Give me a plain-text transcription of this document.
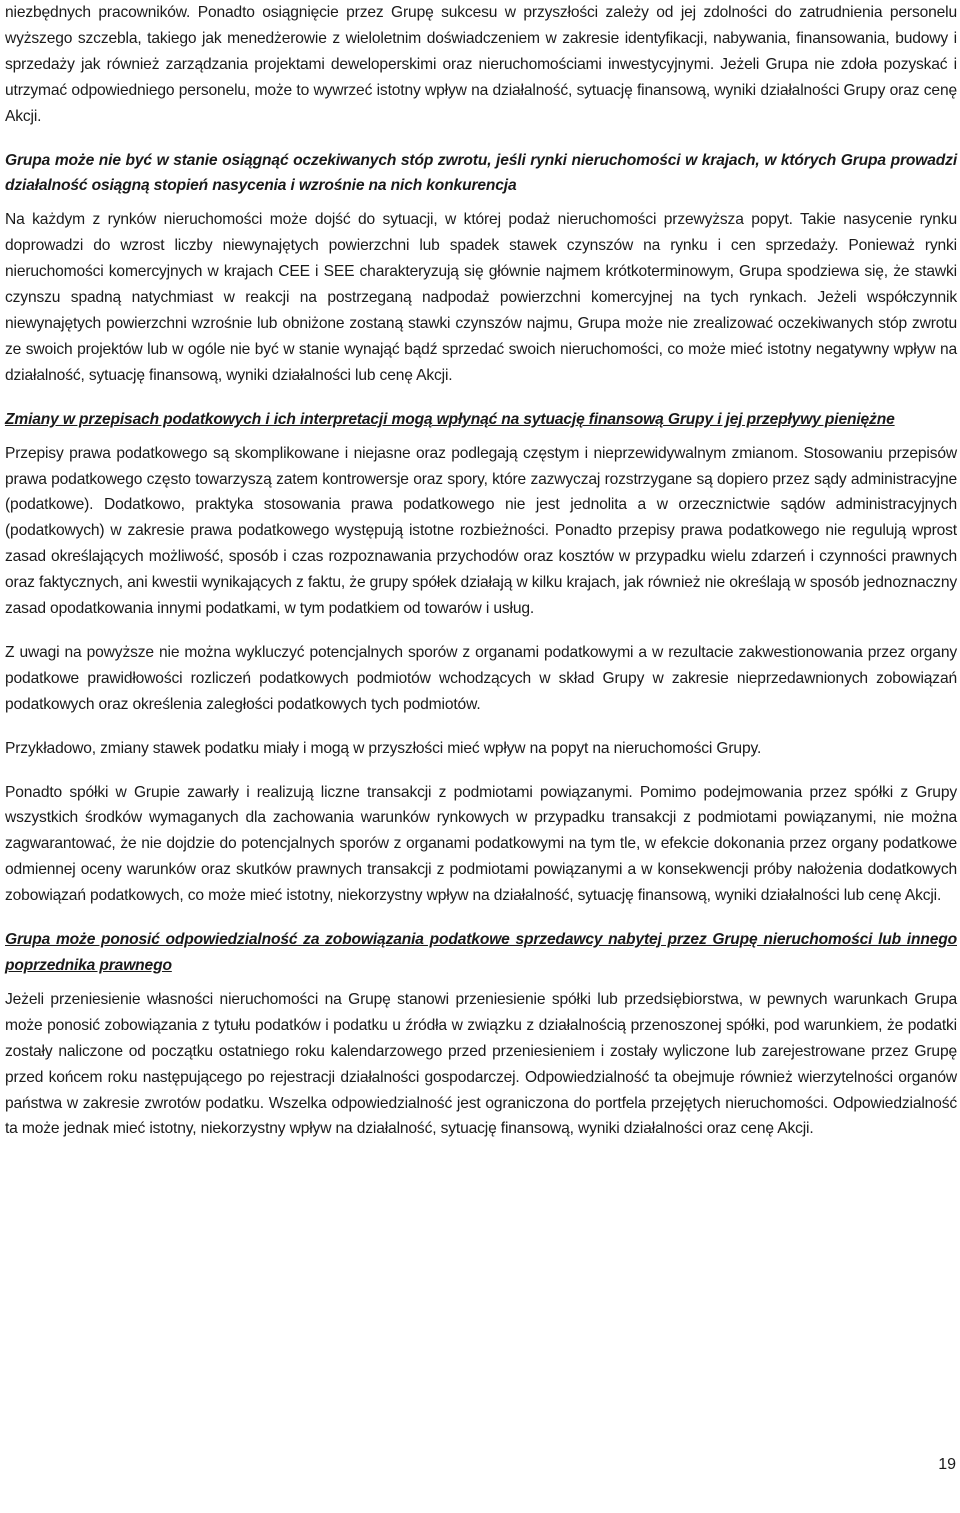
niezbędnych pracowników. Ponadto osiągnięcie przez Grupę sukcesu w przyszłości zależy od jej zdolności do zatrudnienia personelu wyższego szczebla, takiego jak menedżerowie z wieloletnim doświadczeniem w zakresie identyfikacji, nabywania, finansowania, budowy i sprzedaży jak również zarządzania projektami deweloperskimi oraz nieruchomościami inwestycyjnymi. Jeżeli Grupa nie zdoła pozyskać i utrzymać odpowiedniego personelu, może to wywrzeć istotny wpływ na działalność, sytuację finansową, wyniki działalności Grupy oraz cenę Akcji.

Grupa może nie być w stanie osiągnąć oczekiwanych stóp zwrotu, jeśli rynki nieruchomości w krajach, w których Grupa prowadzi działalność osiągną stopień nasycenia i wzrośnie na nich konkurencja

Na każdym z rynków nieruchomości może dojść do sytuacji, w której podaż nieruchomości przewyższa popyt. Takie nasycenie rynku doprowadzi do wzrost liczby niewynajętych powierzchni lub spadek stawek czynszów na rynku i cen sprzedaży. Ponieważ rynki nieruchomości komercyjnych w krajach CEE i SEE charakteryzują się głównie najmem krótkoterminowym, Grupa spodziewa się, że stawki czynszu spadną natychmiast w reakcji na postrzeganą nadpodaż powierzchni komercyjnej na tych rynkach. Jeżeli współczynnik niewynajętych powierzchni wzrośnie lub obniżone zostaną stawki czynszów najmu, Grupa może nie zrealizować oczekiwanych stóp zwrotu ze swoich projektów lub w ogóle nie być w stanie wynająć bądź sprzedać swoich nieruchomości, co może mieć istotny negatywny wpływ na działalność, sytuację finansową, wyniki działalności lub cenę Akcji.

Zmiany w przepisach podatkowych i ich interpretacji mogą wpłynąć na sytuację finansową Grupy i jej przepływy pieniężne

Przepisy prawa podatkowego są skomplikowane i niejasne oraz podlegają częstym i nieprzewidywalnym zmianom. Stosowaniu przepisów prawa podatkowego często towarzyszą zatem kontrowersje oraz spory, które zazwyczaj rozstrzygane są dopiero przez sądy administracyjne (podatkowe). Dodatkowo, praktyka stosowania prawa podatkowego nie jest jednolita a w orzecznictwie sądów administracyjnych (podatkowych) w zakresie prawa podatkowego występują istotne rozbieżności. Ponadto przepisy prawa podatkowego nie regulują wprost zasad określających możliwość, sposób i czas rozpoznawania przychodów oraz kosztów w przypadku wielu zdarzeń i czynności prawnych oraz faktycznych, ani kwestii wynikających z faktu, że grupy spółek działają w kilku krajach, jak również nie określają w sposób jednoznaczny zasad opodatkowania innymi podatkami, w tym podatkiem od towarów i usług.

Z uwagi na powyższe nie można wykluczyć potencjalnych sporów z organami podatkowymi a w rezultacie zakwestionowania przez organy podatkowe prawidłowości rozliczeń podatkowych podmiotów wchodzących w skład Grupy w zakresie nieprzedawnionych zobowiązań podatkowych oraz określenia zaległości podatkowych tych podmiotów.

Przykładowo, zmiany stawek podatku miały i mogą w przyszłości mieć wpływ na popyt na nieruchomości Grupy.

Ponadto spółki w Grupie zawarły i realizują liczne transakcji z podmiotami powiązanymi. Pomimo podejmowania przez spółki z Grupy wszystkich środków wymaganych dla zachowania warunków rynkowych w przypadku transakcji z podmiotami powiązanymi, nie można zagwarantować, że nie dojdzie do potencjalnych sporów z organami podatkowymi na tym tle, w efekcie dokonania przez organy podatkowe odmiennej oceny warunków oraz skutków prawnych transakcji z podmiotami powiązanymi a w konsekwencji próby nałożenia dodatkowych zobowiązań podatkowych, co może mieć istotny, niekorzystny wpływ na działalność, sytuację finansową, wyniki działalności lub cenę Akcji.

Grupa może ponosić odpowiedzialność za zobowiązania podatkowe sprzedawcy nabytej przez Grupę nieruchomości lub innego poprzednika prawnego

Jeżeli przeniesienie własności nieruchomości na Grupę stanowi przeniesienie spółki lub przedsiębiorstwa, w pewnych warunkach Grupa może ponosić zobowiązania z tytułu podatków i podatku u źródła w związku z działalnością przenoszonej spółki, pod warunkiem, że podatki zostały naliczone od początku ostatniego roku kalendarzowego przed przeniesieniem i zostały wyliczone lub zarejestrowane przez Grupę przed końcem roku następującego po rejestracji działalności gospodarczej. Odpowiedzialność ta obejmuje również wierzytelności organów państwa w zakresie zwrotów podatku. Wszelka odpowiedzialność jest ograniczona do portfela przejętych nieruchomości. Odpowiedzialność ta może jednak mieć istotny, niekorzystny wpływ na działalność, sytuację finansową, wyniki działalności oraz cenę Akcji.

19
